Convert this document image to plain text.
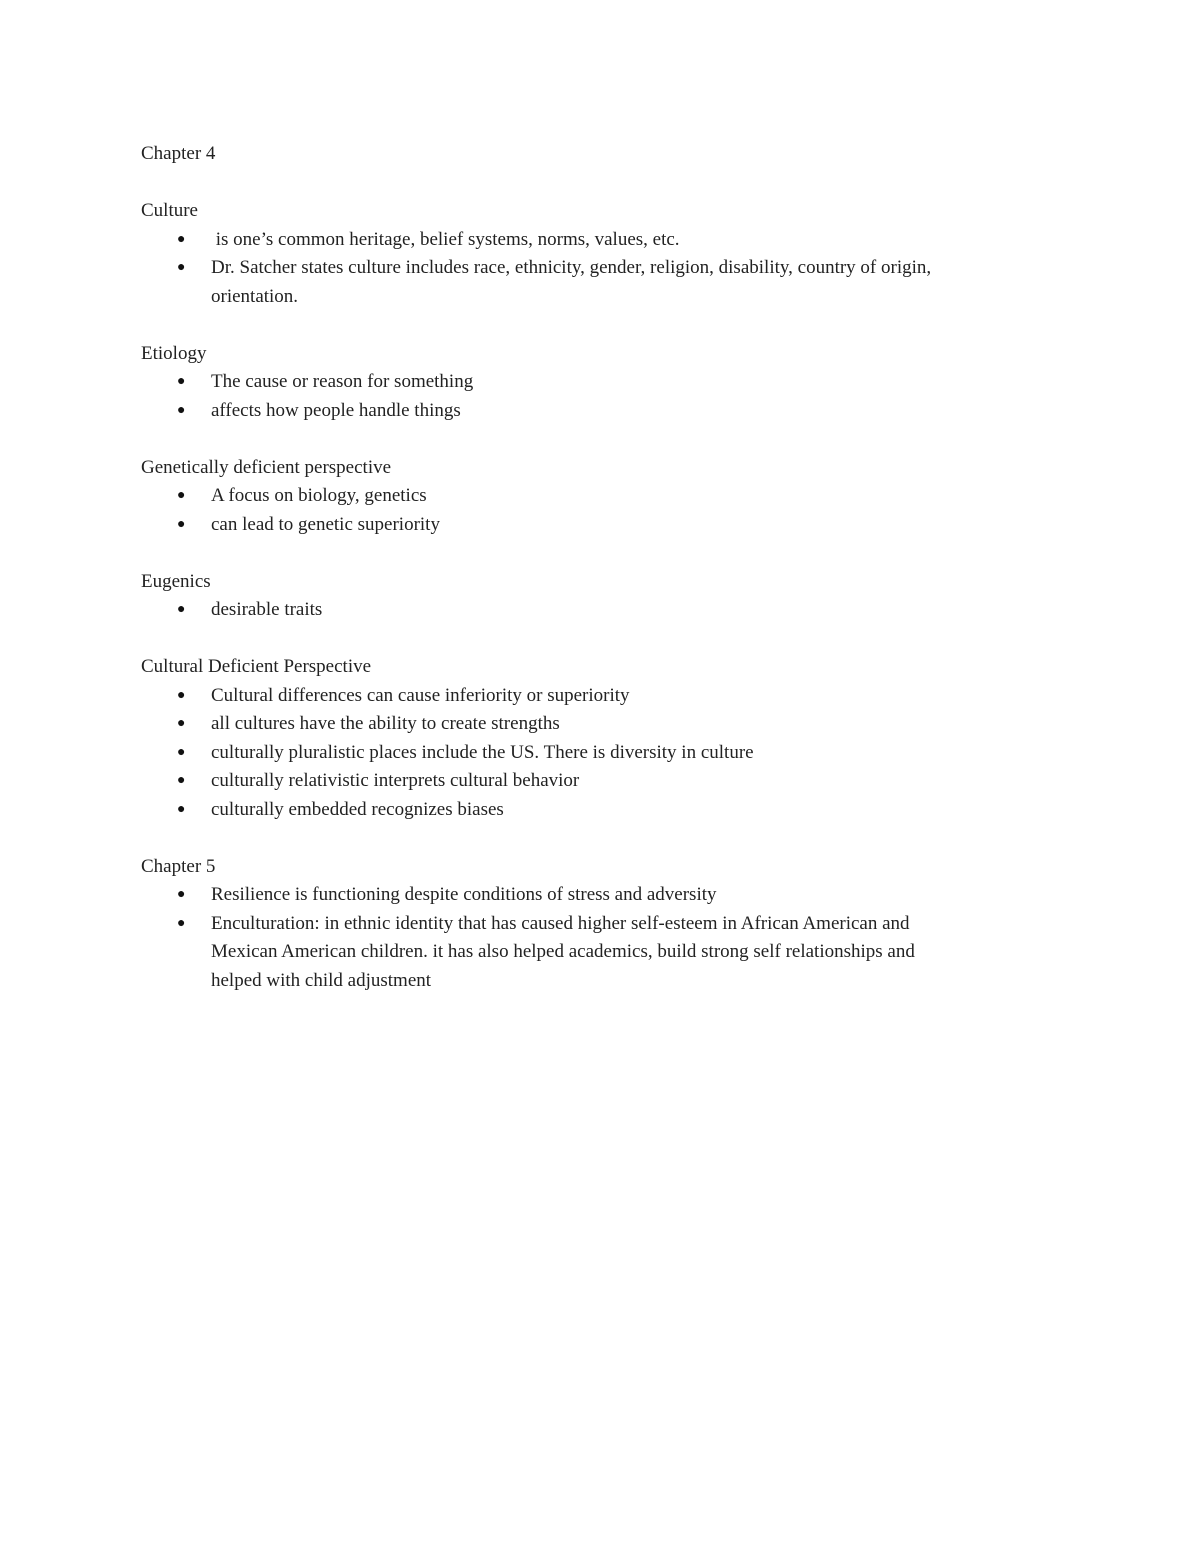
Chapter 4

Culture

● is one’s common heritage, belief systems, norms, values, etc.
● Dr. Satcher states culture includes race, ethnicity, gender, religion, disability, country of origin,
orientation.

Etiology

● The cause or reason for something
● affects how people handle things

Genetically deficient perspective

● A focus on biology, genetics
● can lead to genetic superiority

Eugenics

● desirable traits

Cultural Deficient Perspective

● Cultural differences can cause inferiority or superiority
● all cultures have the ability to create strengths
● culturally pluralistic places include the US. There is diversity in culture
● culturally relativistic interprets cultural behavior
● culturally embedded recognizes biases

Chapter 5

● Resilience is functioning despite conditions of stress and adversity
● Enculturation: in ethnic identity that has caused higher self-esteem in African American and
Mexican American children. it has also helped academics, build strong self relationships and
helped with child adjustment
